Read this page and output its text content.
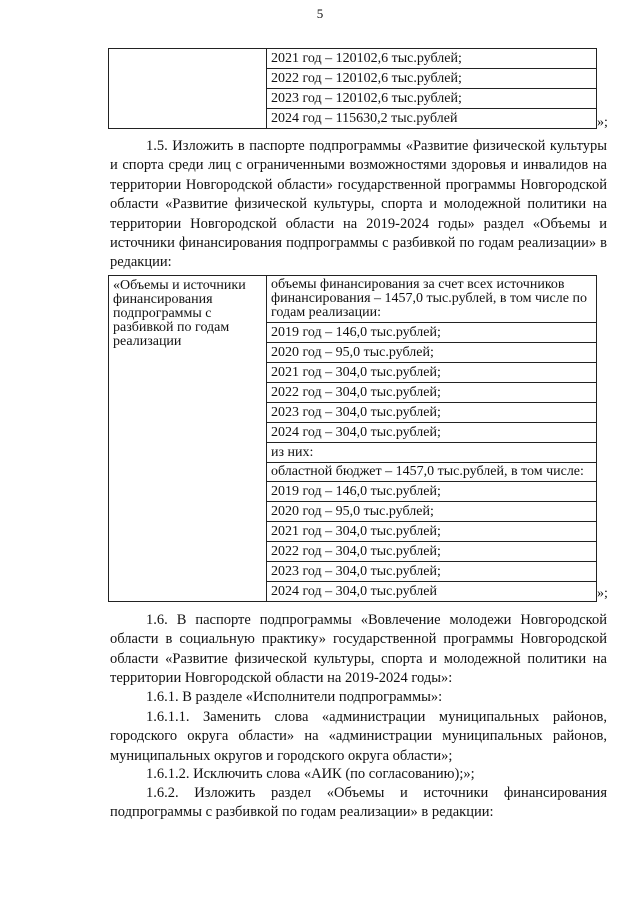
5

2021 год – 120102,6 тыс.рублей;
2022 год – 120102,6 тыс.рублей;
2023 год – 120102,6 тыс.рублей;
2024 год – 115630,2 тыс.рублей	»;
1.5. Изложить в паспорте подпрограммы «Развитие физической культуры и спорта среди лиц с ограниченными возможностями здоровья и инвалидов на территории Новгородской области» государственной программы Новгородской области «Развитие физической культуры, спорта и молодежной политики на территории Новгородской области на 2019-2024 годы» раздел «Объемы и источники финансирования подпрограммы с разбивкой по годам реализации» в редакции:
«Объемы и источники финансирования подпрограммы с разбивкой по годам реализации	
объемы финансирования за счет всех источников финансирования – 1457,0 тыс.рублей, в том числе по годам реализации:
2019 год – 146,0 тыс.рублей;
2020 год – 95,0 тыс.рублей;
2021 год – 304,0 тыс.рублей;
2022 год – 304,0 тыс.рублей;
2023 год – 304,0 тыс.рублей;
2024 год – 304,0 тыс.рублей;
из них:
областной бюджет – 1457,0 тыс.рублей, в том числе:
2019 год – 146,0 тыс.рублей;
2020 год – 95,0 тыс.рублей;
2021 год – 304,0 тыс.рублей;
2022 год – 304,0 тыс.рублей;
2023 год – 304,0 тыс.рублей;
2024 год – 304,0 тыс.рублей	»;
1.6. В паспорте подпрограммы «Вовлечение молодежи Новгородской области в социальную практику» государственной программы Новгородской области «Развитие физической культуры, спорта и молодежной политики на территории Новгородской области на 2019-2024 годы»:
1.6.1. В разделе «Исполнители подпрограммы»:
1.6.1.1. Заменить слова «администрации муниципальных районов, городского округа области» на «администрации муниципальных районов, муниципальных округов и городского округа области»;
1.6.1.2. Исключить слова «АИК (по согласованию);»;
1.6.2. Изложить раздел «Объемы и источники финансирования подпрограммы с разбивкой по годам реализации» в редакции:
